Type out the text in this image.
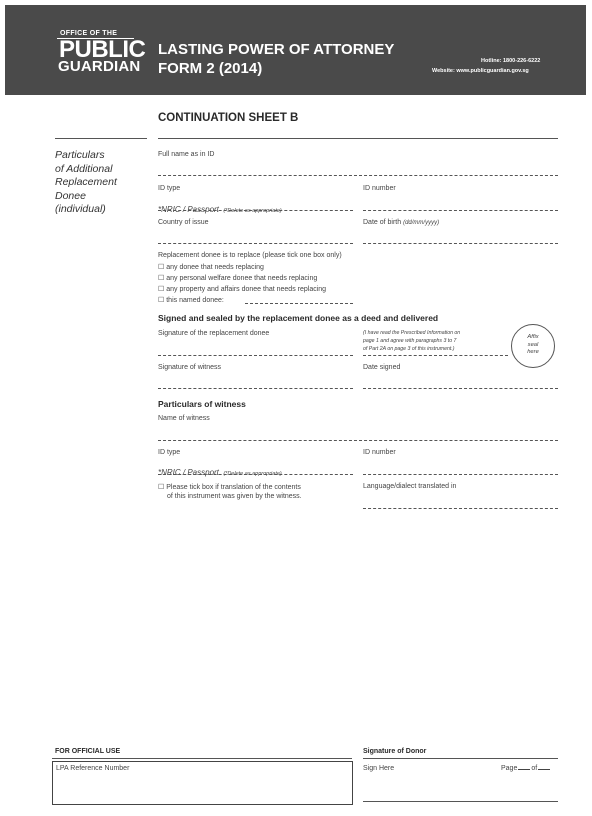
OFFICE OF THE
PUBLIC
GUARDIAN
LASTING POWER OF ATTORNEY
FORM 2 (2014)	Hotline: 1800-226-6222
Website: www.publicguardian.gov.sg
CONTINUATION SHEET B
Particulars
of Additional
Replacement
Donee
(individual)
Full name as in ID
ID type	ID number
*NRIC / Passport (*Delete as appropriate)
Country of issue	Date of birth (dd/mm/yyyy)
Replacement donee is to replace (please tick one box only)
☐ any donee that needs replacing
☐ any personal welfare donee that needs replacing
☐ any property and affairs donee that needs replacing
☐ this named donee:
Signed and sealed by the replacement donee as a deed and delivered
Signature of the replacement donee	(I have read the Prescribed Information on
page 1 and agree with paragraphs 3 to 7
of Part 2A on page 3 of this instrument.)
Affix
seal
here
Signature of witness	Date signed
Particulars of witness
Name of witness
ID type	ID number
*NRIC / Passport (*Delete as appropriate)
☐ Please tick box if translation of the contents
of this instrument was given by the witness.
Language/dialect translated in
FOR OFFICIAL USE
LPA Reference Number
Signature of Donor
Sign Here	Page of
